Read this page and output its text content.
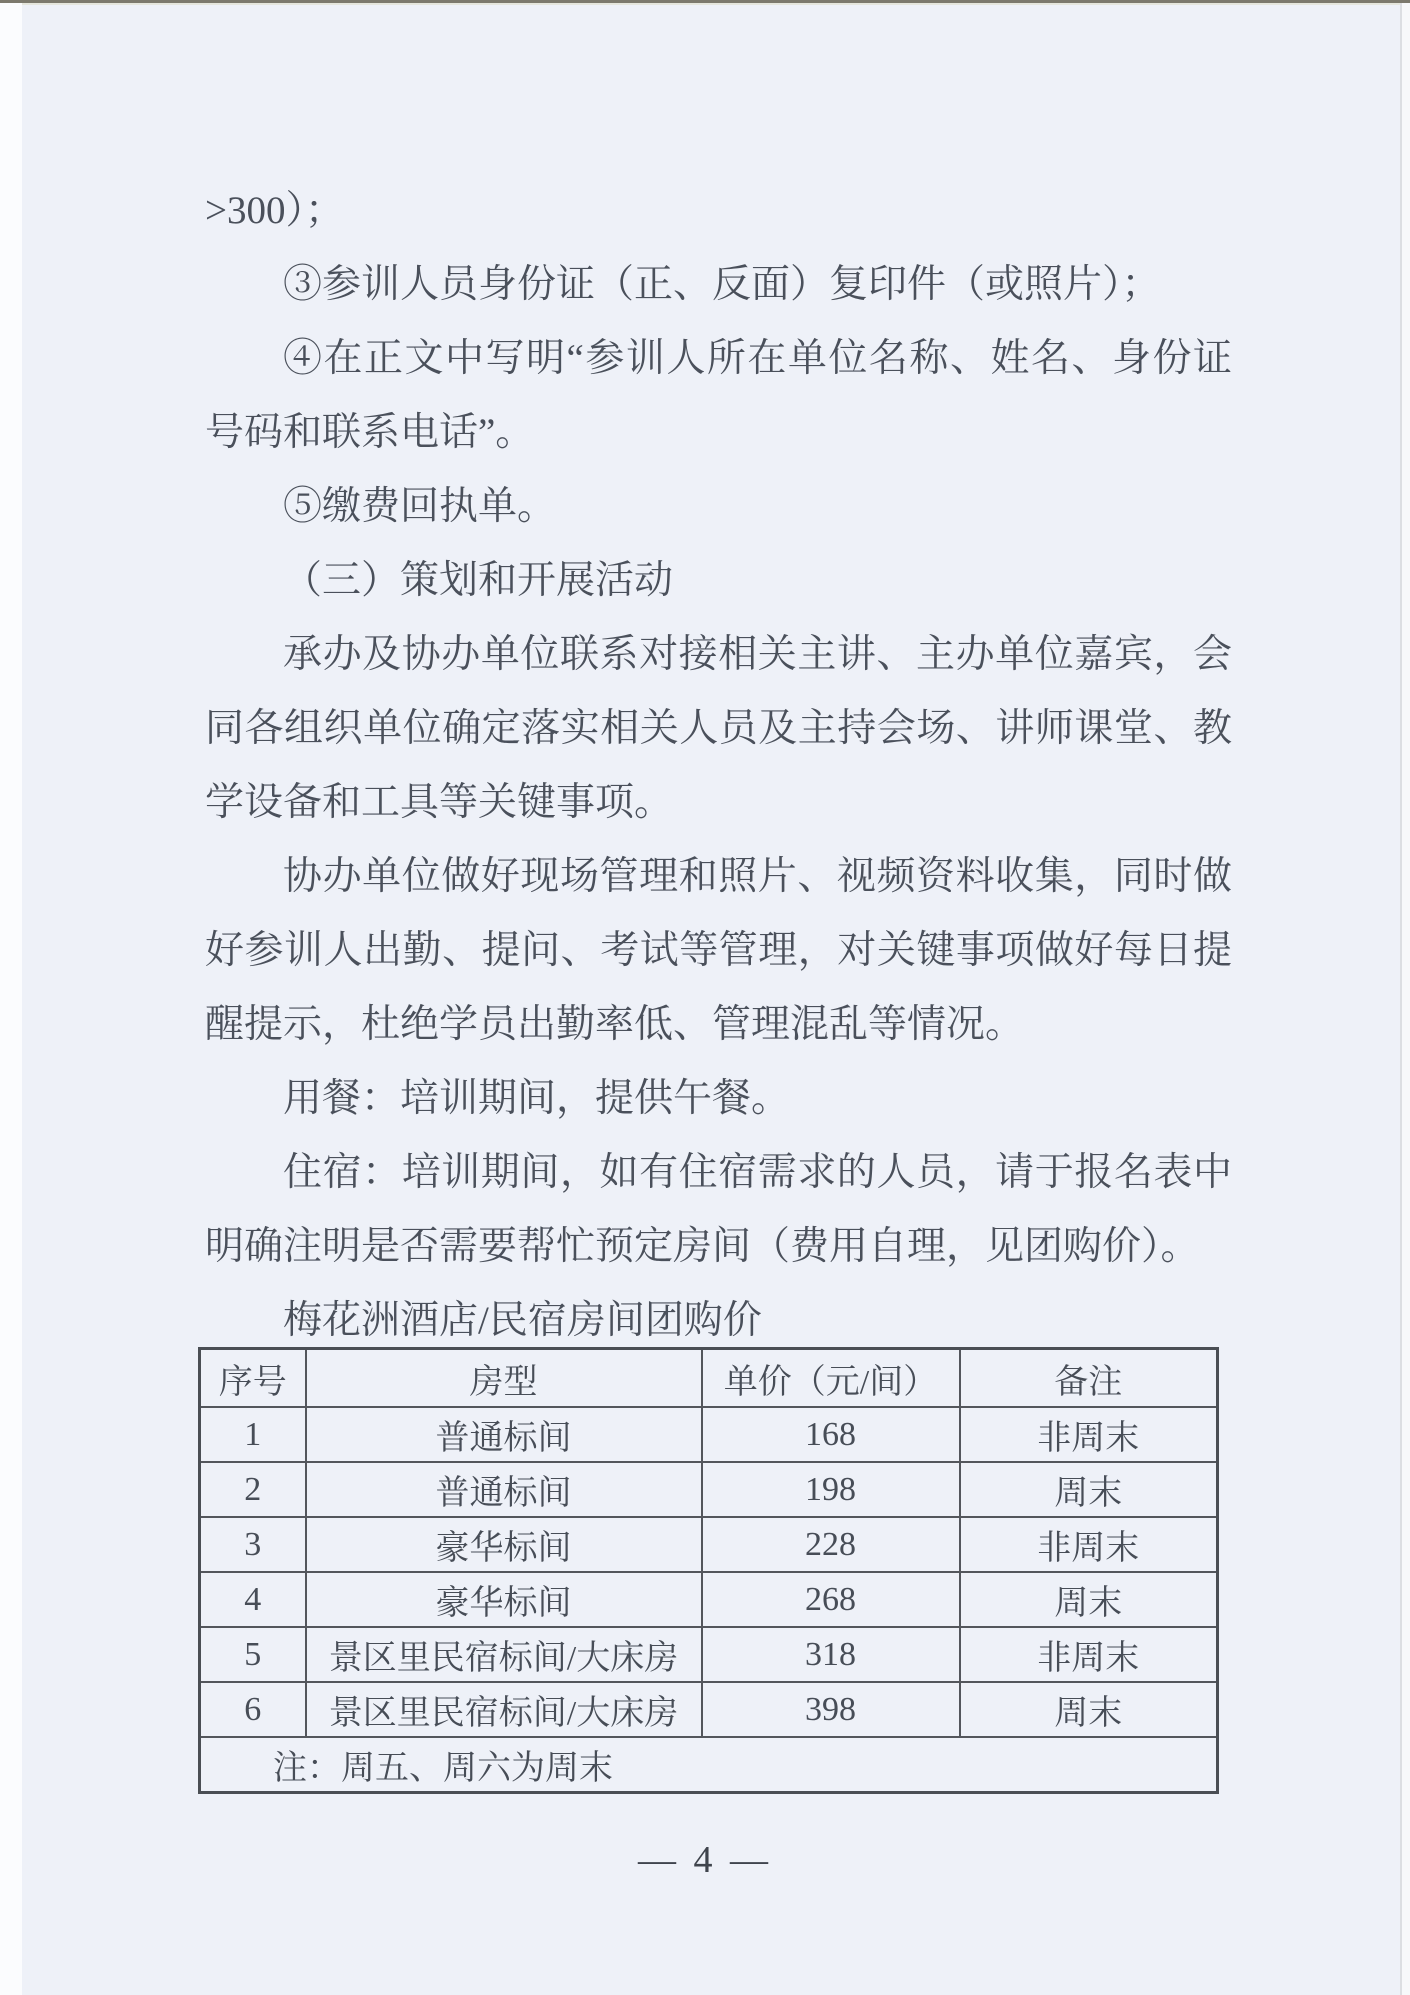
>300）；

③参训人员身份证（正、反面）复印件（或照片）；

④在正文中写明“参训人所在单位名称、姓名、身份证号码和联系电话”。

⑤缴费回执单。

（三）策划和开展活动

承办及协办单位联系对接相关主讲、主办单位嘉宾，会同各组织单位确定落实相关人员及主持会场、讲师课堂、教学设备和工具等关键事项。

协办单位做好现场管理和照片、视频资料收集，同时做好参训人出勤、提问、考试等管理，对关键事项做好每日提醒提示，杜绝学员出勤率低、管理混乱等情况。

用餐：培训期间，提供午餐。

住宿：培训期间，如有住宿需求的人员，请于报名表中明确注明是否需要帮忙预定房间（费用自理，见团购价）。

梅花洲酒店/民宿房间团购价

序号	房型	单价（元/间）	备注
1	普通标间	168	非周末
2	普通标间	198	周末
3	豪华标间	228	非周末
4	豪华标间	268	周末
5	景区里民宿标间/大床房	318	非周末
6	景区里民宿标间/大床房	398	周末
注：周五、周六为周末			
— 4 —
